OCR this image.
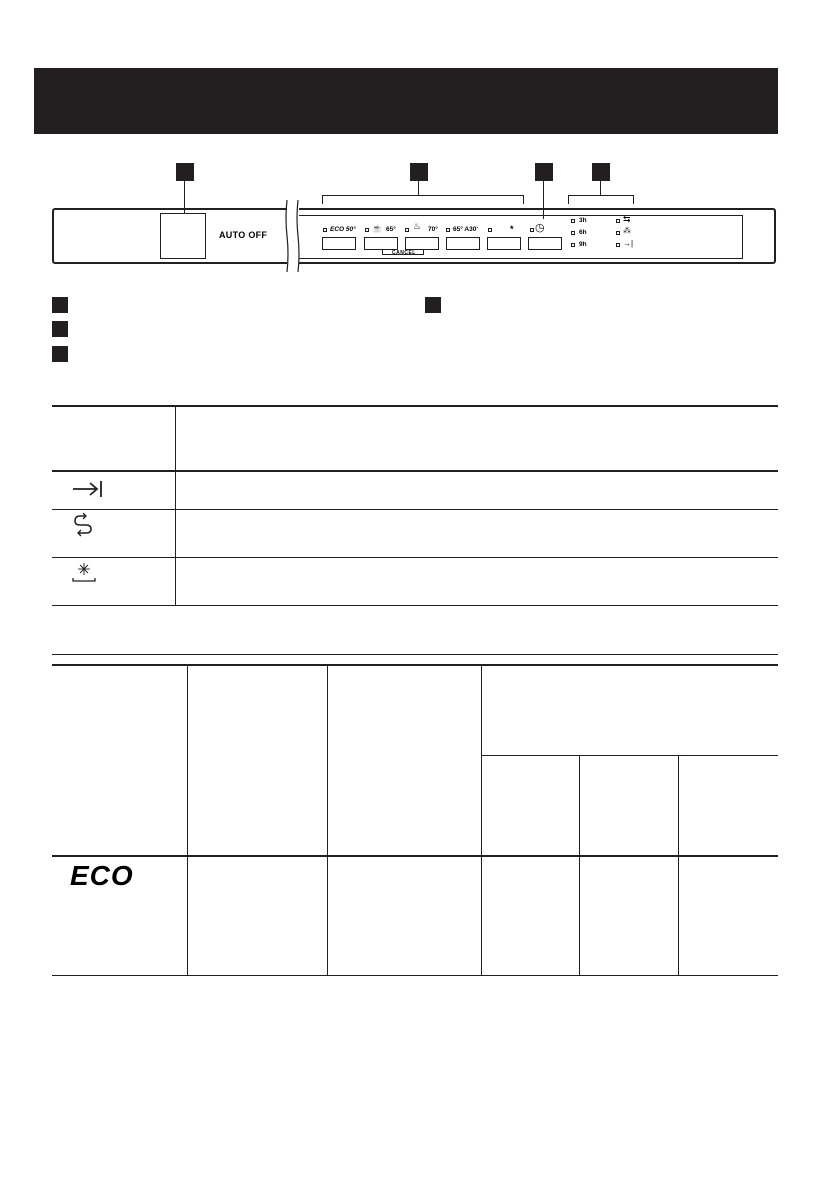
AUTO OFF
ECO 50° ☕ 65° ♨ 70° 65° A30'	* ◷
CANCEL
3h
6h
9h
⇆
⁂
→|
ECO
